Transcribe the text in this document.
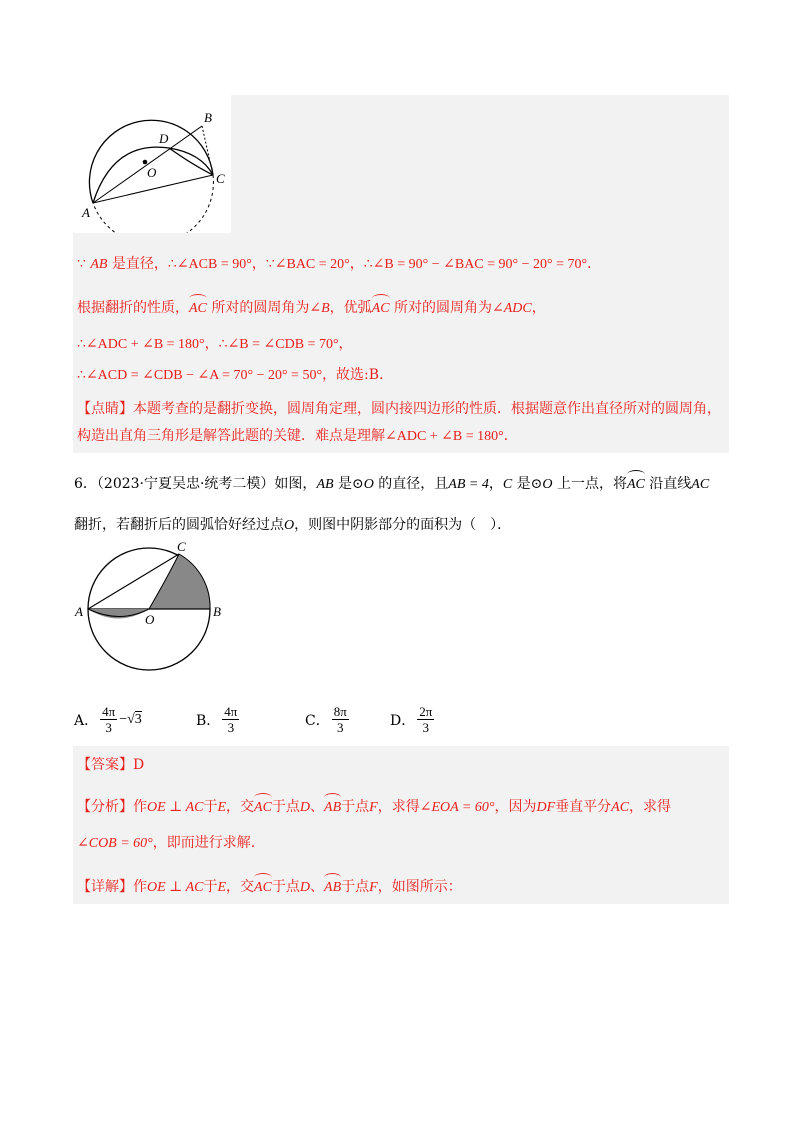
A
B
C
D
O
∵ AB 是直径，∴∠ACB = 90°，∵∠BAC = 20°，∴∠B = 90° − ∠BAC = 90° − 20° = 70°．
根据翻折的性质，AC 所对的圆周角为∠B，优弧AC 所对的圆周角为∠ADC，
∴∠ADC + ∠B = 180°，∴∠B = ∠CDB = 70°，
∴∠ACD = ∠CDB − ∠A = 70° − 20° = 50°，故选:B．
【点睛】本题考查的是翻折变换，圆周角定理，圆内接四边形的性质．根据题意作出直径所对的圆周角，
构造出直角三角形是解答此题的关键．难点是理解∠ADC + ∠B = 180°．
6．（2023·宁夏吴忠·统考二模）如图，AB 是⊙O 的直径，且AB = 4，C 是⊙O 上一点，将AC 沿直线AC
翻折，若翻折后的圆弧恰好经过点O，则图中阴影部分的面积为（　）．
A	B
C
O
A． $\frac{4\pi}{3} - √3$	B． $\frac{4\pi}{3}$	C． $\frac{8\pi}{3}$	D． $\frac{2\pi}{3}$
【答案】D
【分析】作OE ⊥ AC于E，交AC于点D、AB于点F，求得∠EOA = 60°，因为DF垂直平分AC，求得
∠COB = 60°，即而进行求解.
【详解】作OE ⊥ AC于E，交AC于点D、AB于点F，如图所示：
